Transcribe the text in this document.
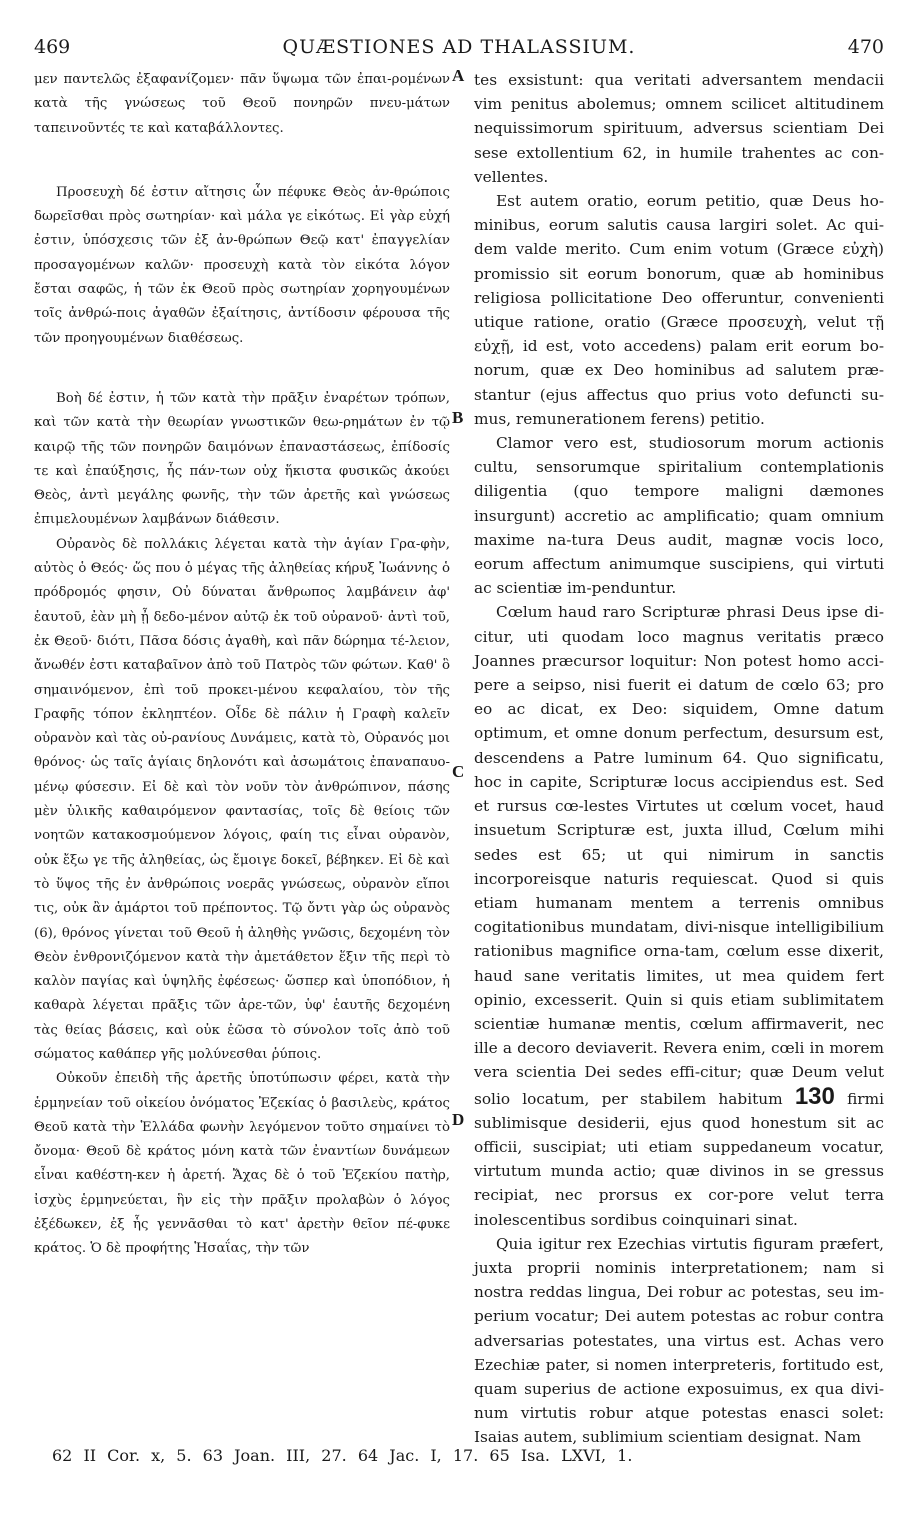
469	QUÆSTIONES AD THALASSIUM.	470

μεν παντελῶς ἐξαφανίζομεν· πᾶν ὕψωμα τῶν ἐπαι-ρομένων κατὰ τῆς γνώσεως τοῦ Θεοῦ πονηρῶν πνευ-μάτων ταπεινοῦντές τε καὶ καταβάλλοντες.

Προσευχὴ δέ ἐστιν αἴτησις ὧν πέφυκε Θεὸς ἀν-θρώποις δωρεῖσθαι πρὸς σωτηρίαν· καὶ μάλα γε εἰκότως. Εἰ γὰρ εὐχή ἐστιν, ὑπόσχεσις τῶν ἐξ ἀν-θρώπων Θεῷ κατ' ἐπαγγελίαν προσαγομένων καλῶν· προσευχὴ κατὰ τὸν εἰκότα λόγον ἔσται σαφῶς, ἡ τῶν ἐκ Θεοῦ πρὸς σωτηρίαν χορηγουμένων τοῖς ἀνθρώ-ποις ἀγαθῶν ἐξαίτησις, ἀντίδοσιν φέρουσα τῆς τῶν προηγουμένων διαθέσεως.

Βοὴ δέ ἐστιν, ἡ τῶν κατὰ τὴν πρᾶξιν ἐναρέτων τρόπων, καὶ τῶν κατὰ τὴν θεωρίαν γνωστικῶν θεω-ρημάτων ἐν τῷ καιρῷ τῆς τῶν πονηρῶν δαιμόνων ἐπαναστάσεως, ἐπίδοσίς τε καὶ ἐπαύξησις, ἧς πάν-των οὐχ ἥκιστα φυσικῶς ἀκούει Θεὸς, ἀντὶ μεγάλης φωνῆς, τὴν τῶν ἀρετῆς καὶ γνώσεως ἐπιμελουμένων λαμβάνων διάθεσιν.

Οὐρανὸς δὲ πολλάκις λέγεται κατὰ τὴν ἁγίαν Γρα-φὴν, αὐτὸς ὁ Θεός· ὥς που ὁ μέγας τῆς ἀληθείας κήρυξ Ἰωάννης ὁ πρόδρομός φησιν, Οὐ δύναται ἄνθρωπος λαμβάνειν ἀφ' ἑαυτοῦ, ἐὰν μὴ ᾖ δεδο-μένον αὐτῷ ἐκ τοῦ οὐρανοῦ· ἀντὶ τοῦ, ἐκ Θεοῦ· διότι, Πᾶσα δόσις ἀγαθὴ, καὶ πᾶν δώρημα τέ-λειον, ἄνωθέν ἐστι καταβαῖνον ἀπὸ τοῦ Πατρὸς τῶν φώτων. Καθ' ὃ σημαινόμενον, ἐπὶ τοῦ προκει-μένου κεφαλαίου, τὸν τῆς Γραφῆς τόπον ἐκληπτέον. Οἶδε δὲ πάλιν ἡ Γραφὴ καλεῖν οὐρανὸν καὶ τὰς οὐ-ρανίους Δυνάμεις, κατὰ τὸ, Οὐρανός μοι θρόνος· ὡς ταῖς ἁγίαις δηλονότι καὶ ἀσωμάτοις ἐπαναπαυο-μένῳ φύσεσιν. Εἰ δὲ καὶ τὸν νοῦν τὸν ἀνθρώπινον, πάσης μὲν ὑλικῆς καθαιρόμενον φαντασίας, τοῖς δὲ θείοις τῶν νοητῶν κατακοσμούμενον λόγοις, φαίη τις εἶναι οὐρανὸν, οὐκ ἔξω γε τῆς ἀληθείας, ὡς ἔμοιγε δοκεῖ, βέβηκεν. Εἰ δὲ καὶ τὸ ὕψος τῆς ἐν ἀνθρώποις νοερᾶς γνώσεως, οὐρανὸν εἴποι τις, οὐκ ἂν ἁμάρτοι τοῦ πρέποντος. Τῷ ὄντι γὰρ ὡς οὐρανὸς (6), θρόνος γίνεται τοῦ Θεοῦ ἡ ἀληθὴς γνῶσις, δεχομένη τὸν Θεὸν ἐνθρονιζόμενον κατὰ τὴν ἀμετάθετον ἕξιν τῆς περὶ τὸ καλὸν παγίας καὶ ὑψηλῆς ἐφέσεως· ὥσπερ καὶ ὑποπόδιον, ἡ καθαρὰ λέγεται πρᾶξις τῶν ἀρε-τῶν, ὑφ' ἑαυτῆς δεχομένη τὰς θείας βάσεις, καὶ οὐκ ἐῶσα τὸ σύνολον τοῖς ἀπὸ τοῦ σώματος καθάπερ γῆς μολύνεσθαι ῥύποις.

Οὐκοῦν ἐπειδὴ τῆς ἀρετῆς ὑποτύπωσιν φέρει, κατὰ τὴν ἑρμηνείαν τοῦ οἰκείου ὀνόματος Ἐζεκίας ὁ βασιλεὺς, κράτος Θεοῦ κατὰ τὴν Ἑλλάδα φωνὴν λεγόμενον τοῦτο σημαίνει τὸ ὄνομα· Θεοῦ δὲ κράτος μόνη κατὰ τῶν ἐναντίων δυνάμεων εἶναι καθέστη-κεν ἡ ἀρετή. Ἄχας δὲ ὁ τοῦ Ἐζεκίου πατὴρ, ἰσχὺς ἑρμηνεύεται, ἣν εἰς τὴν πρᾶξιν προλαβὼν ὁ λόγος ἐξέδωκεν, ἐξ ἧς γεννᾶσθαι τὸ κατ' ἀρετὴν θεῖον πέ-φυκε κράτος. Ὁ δὲ προφήτης Ἡσαΐας, τὴν τῶν

tes exsistunt: qua veritati adversantem mendacii vim penitus abolemus; omnem scilicet altitudinem nequissimorum spirituum, adversus scientiam Dei sese extollentium 62, in humile trahentes ac con-vellentes.

Est autem oratio, eorum petitio, quæ Deus ho-minibus, eorum salutis causa largiri solet. Ac qui-dem valde merito. Cum enim votum (Græce εὐχὴ) promissio sit eorum bonorum, quæ ab hominibus religiosa pollicitatione Deo offeruntur, convenienti utique ratione, oratio (Græce προσευχὴ, velut τῇ εὐχῇ, id est, voto accedens) palam erit eorum bo-norum, quæ ex Deo hominibus ad salutem præ-stantur (ejus affectus quo prius voto defuncti su-mus, remunerationem ferens) petitio.

Clamor vero est, studiosorum morum actionis cultu, sensorumque spiritalium contemplationis diligentia (quo tempore maligni dæmones insurgunt) accretio ac amplificatio; quam omnium maxime na-tura Deus audit, magnæ vocis loco, eorum affectum animumque suscipiens, qui virtuti ac scientiæ im-penduntur.

Cœlum haud raro Scripturæ phrasi Deus ipse di-citur, uti quodam loco magnus veritatis præco Joannes præcursor loquitur: Non potest homo acci-pere a seipso, nisi fuerit ei datum de cœlo 63; pro eo ac dicat, ex Deo: siquidem, Omne datum optimum, et omne donum perfectum, desursum est, descendens a Patre luminum 64. Quo significatu, hoc in capite, Scripturæ locus accipiendus est. Sed et rursus cœ-lestes Virtutes ut cœlum vocet, haud insuetum Scripturæ est, juxta illud, Cœlum mihi sedes est 65; ut qui nimirum in sanctis incorporeisque naturis requiescat. Quod si quis etiam humanam mentem a terrenis omnibus cogitationibus mundatam, divi-nisque intelligibilium rationibus magnifice orna-tam, cœlum esse dixerit, haud sane veritatis limites, ut mea quidem fert opinio, excesserit. Quin si quis etiam sublimitatem scientiæ humanæ mentis, cœlum affirmaverit, nec ille a decoro deviaverit. Revera enim, cœli in morem vera scientia Dei sedes effi-citur; quæ Deum velut solio locatum, per stabilem habitum 130 firmi sublimisque desiderii, ejus quod honestum sit ac officii, suscipiat; uti etiam suppedaneum vocatur, virtutum munda actio; quæ divinos in se gressus recipiat, nec prorsus ex cor-pore velut terra inolescentibus sordibus coinquinari sinat.

Quia igitur rex Ezechias virtutis figuram præfert, juxta proprii nominis interpretationem; nam si nostra reddas lingua, Dei robur ac potestas, seu im-perium vocatur; Dei autem potestas ac robur contra adversarias potestates, una virtus est. Achas vero Ezechiæ pater, si nomen interpreteris, fortitudo est, quam superius de actione exposuimus, ex qua divi-num virtutis robur atque potestas enasci solet: Isaias autem, sublimium scientiam designat. Nam

A
B
C
D
62 II Cor. x, 5. 63 Joan. III, 27. 64 Jac. I, 17. 65 Isa. LXVI, 1.
